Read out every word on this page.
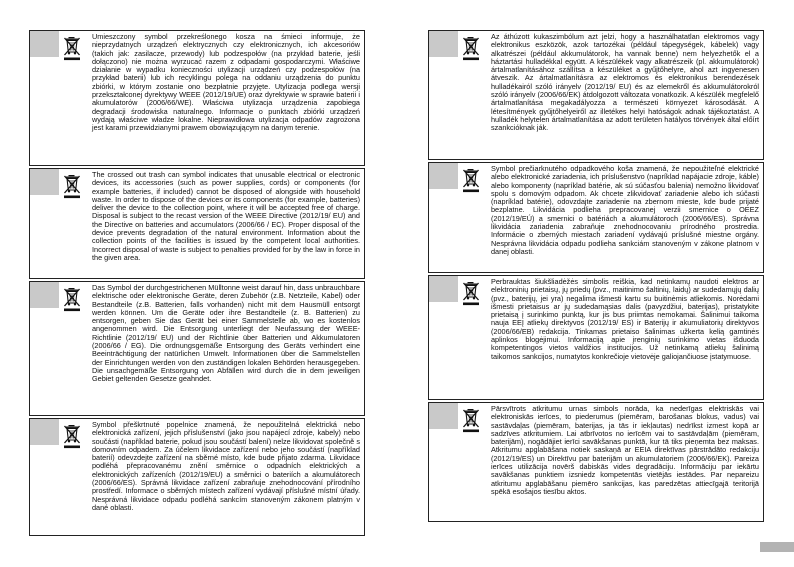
Umieszczony symbol przekreślonego kosza na śmieci informuje, że nieprzydatnych urządzeń elektrycznych czy elektronicznych, ich akcesoriów (takich jak: zasilacze, przewody) lub podzespołów (na przykład baterie, jeśli dołączono) nie można wyrzucać razem z odpadami gospodarczymi. Właściwe działanie w wypadku konieczności utylizacji urządzeń czy podzespołów (na przykład baterii) lub ich recyklingu polega na oddaniu urządzenia do punktu zbiórki, w którym zostanie ono bezpłatnie przyjęte. Utylizacja podlega wersji przekształconej dyrektywy WEEE (2012/19/UE) oraz dyrektywie w sprawie baterii i akumulatorów (2006/66/WE). Właściwa utylizacja urządzenia zapobiega degradacji środowiska naturalnego. Informacje o punktach zbiórki urządzeń wydają właściwe władze lokalne. Nieprawidłowa utylizacja odpadów zagrożona jest karami przewidzianymi prawem obowiązującym na danym terenie.

The crossed out trash can symbol indicates that unusable electrical or electronic devices, its accessories (such as power supplies, cords) or components (for example batteries, if included) cannot be disposed of alongside with household waste. In order to dispose of the devices or its components (for example, batteries) deliver the device to the collection point, where it will be accepted free of charge. Disposal is subject to the recast version of the WEEE Directive (2012/19/ EU) and the Directive on batteries and accumulators (2006/66 / EC). Proper disposal of the device prevents degradation of the natural environment. Information about the collection points of the facilities is issued by the competent local authorities. Incorrect disposal of waste is subject to penalties provided for by the law in force in the given area.

Das Symbol der durchgestrichenen Mülltonne weist darauf hin, dass unbrauchbare elektrische oder elektronische Geräte, deren Zubehör (z.B. Netzteile, Kabel) oder Bestandteile (z.B. Batterien, falls vorhanden) nicht mit dem Hausmüll entsorgt werden können. Um die Geräte oder ihre Bestandteile (z. B. Batterien) zu entsorgen, geben Sie das Gerät bei einer Sammelstelle ab, wo es kostenlos angenommen wird. Die Entsorgung unterliegt der Neufassung der WEEE-Richtlinie (2012/19/ EU) und der Richtlinie über Batterien und Akkumulatoren (2006/66 / EG). Die ordnungsgemäße Entsorgung des Geräts verhindert eine Beeinträchtigung der natürlichen Umwelt. Informationen über die Sammelstellen der Einrichtungen werden von den zuständigen lokalen Behörden herausgegeben. Die unsachgemäße Entsorgung von Abfällen wird durch die in dem jeweiligen Gebiet geltenden Gesetze geahndet.

Symbol přeškrtnuté popelnice znamená, že nepoužitelná elektrická nebo elektronická zařízení, jejich příslušenství (jako jsou napájecí zdroje, kabely) nebo součásti (například baterie, pokud jsou součástí balení) nelze likvidovat společně s domovním odpadem. Za účelem likvidace zařízení nebo jeho součástí (například baterií) odevzdejte zařízení na sběrné místo, kde bude přijato zdarma. Likvidace podléhá přepracovanému znění směrnice o odpadních elektrických a elektronických zařízeních (2012/19/EU) a směrnici o bateriích a akumulátorech (2006/66/ES). Správná likvidace zařízení zabraňuje znehodnocování přírodního prostředí. Informace o sběrných místech zařízení vydávají příslušné místní úřady. Nesprávná likvidace odpadu podléhá sankcím stanoveným zákonem platným v dané oblasti.

Az áthúzott kukaszimbólum azt jelzi, hogy a használhatatlan elektromos vagy elektronikus eszközök, azok tartozékai (például tápegységek, kábelek) vagy alkatrészei (például akkumulátorok, ha vannak benne) nem helyezhetők el a háztartási hulladékkal együtt. A készülékek vagy alkatrészeik (pl. akkumulátorok) ártalmatlanításához szállítsa a készüléket a gyűjtőhelyre, ahol azt ingyenesen átveszik. Az ártalmatlanításra az elektromos és elektronikus berendezések hulladékairól szóló irányelv (2012/19/ EU) és az elemekről és akkumulátorokról szóló irányelv (2006/66/EK) átdolgozott változata vonatkozik. A készülék megfelelő ártalmatlanítása megakadályozza a természeti környezet károsodását. A létesítmények gyűjtőhelyeiről az illetékes helyi hatóságok adnak tájékoztatást. A hulladék helytelen ártalmatlanítása az adott területen hatályos törvények által előírt szankcióknak ják.

Symbol prečiarknutého odpadkového koša znamená, že nepoužiteľné elektrické alebo elektronické zariadenia, ich príslušenstvo (napríklad napájacie zdroje, káble) alebo komponenty (napríklad batérie, ak sú súčasťou balenia) nemožno likvidovať spolu s domovým odpadom. Ak chcete zlikvidovať zariadenie alebo ich súčasti (napríklad batérie), odovzdajte zariadenie na zbernom mieste, kde bude prijaté bezplatne. Likvidácia podlieha prepracovanej verzii smernice o OEEZ (2012/19/EÚ) a smernici o batériách a akumulátoroch (2006/66/ES). Správna likvidácia zariadenia zabraňuje znehodnocovaniu prírodného prostredia. Informácie o zberných miestach zariadení vydávajú príslušné miestne orgány. Nesprávna likvidácia odpadu podlieha sankciám stanoveným v zákone platnom v danej oblasti.

Perbrauktas šiukšliadėžės simbolis reiškia, kad netinkamų naudoti elektros ar elektroninių prietaisų, jų priedų (pvz., maitinimo šaltinių, laidų) ar sudedamųjų dalių (pvz., baterijų, jei yra) negalima išmesti kartu su buitinėmis atliekomis. Norėdami išmesti prietaisus ar jų sudedamąsias dalis (pavyzdžiui, baterijas), pristatykite prietaisą į surinkimo punktą, kur jis bus priimtas nemokamai. Šalinimui taikoma nauja EEĮ atliekų direktyvos (2012/19/ ES) ir Baterijų ir akumuliatorių direktyvos (2006/66/EB) redakcija. Tinkamas prietaiso šalinimas užkerta kelią gamtinės aplinkos blogėjimui. Informaciją apie įrenginių surinkimo vietas išduoda kompetentingos vietos valdžios institucijos. Už netinkamą atliekų šalinimą taikomos sankcijos, numatytos konkrečioje vietovėje galiojančiuose įstatymuose.

Pārsvītrots atkritumu urnas simbols norāda, ka nederīgas elektriskās vai elektroniskās ierīces, to piederumus (piemēram, barošanas blokus, vadus) vai sastāvdaļas (piemēram, baterijas, ja tās ir iekļautas) nedrīkst izmest kopā ar sadzīves atkritumiem. Lai atbrīvotos no ierīcēm vai to sastāvdaļām (piemēram, baterijām), nogādājiet ierīci savākšanas punktā, kur tā tiks pieņemta bez maksas. Atkritumu apglabāšana notiek saskaņā ar EEIA direktīvas pārstrādāto redakciju (2012/19/ES) un Direktīvu par baterijām un akumulatoriem (2006/66/EK). Pareiza ierīces utilizācija novērš dabiskās vides degradāciju. Informāciju par iekārtu savākšanas punktiem izsniedz kompetentās vietējās iestādes. Par nepareizu atkritumu apglabāšanu piemēro sankcijas, kas paredzētas attiecīgajā teritorijā spēkā esošajos tiesību aktos.
